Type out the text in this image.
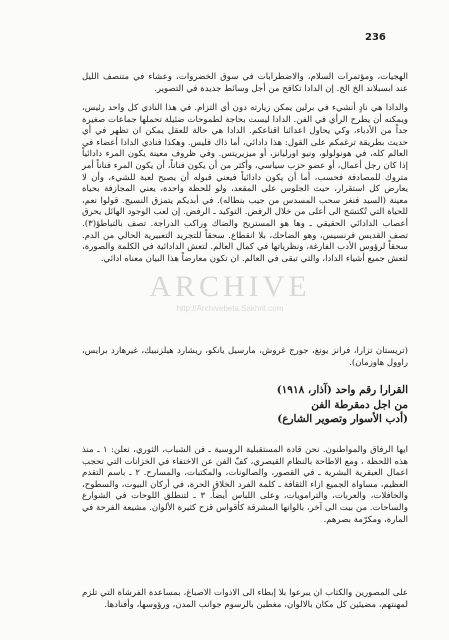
236

الهجيات، ومؤتمرات السلام، والاضطرابات في سوق الخضروات، وعشاء في متنصف الليل عند ابسبلاند الخ الخ. إن الدادا تكافح من أجل وسائط جديدة في التصوير.

والدادا هي نادٍ أنشيء في برلين يمكن زيارته دون أي التزام. في هذا النادي كل واحد رئيس، ويمكنه أن يطرح الرأي في الفن. الدادا ليست بحاجة لطموحات ضئيلة تحملها جماعات صغيرة جداً من الأدباء، وكي يحاول اعدائنا اقناعكم. الدادا هي حالة للعقل يمكن ان تظهر في أي حديث بطريقة ترغمكم على القول: هذا دادائي، أما ذاك فليس. وهكذا فنادي الدادا أعضاء في العالم كله، في هونولولو، ونيو اورليانز، أو ميزيريتس. وفي ظروف معينة يكون المرء دادائياً إذا كان رجل أعمال، أو عضو حزب سياسي، وأكثر من أن يكون فناناً، أن يكون المرء فناناً أمر متروك للمصادفة فحسب، أما أن يكون دادائياً فيعني قبوله أن يصبح لعبة للشيء، وأن لا يعارض كل استقرار، حيث الجلوس على المقعد، ولو للحظة واحدة، يعني المجازفة بحياة معينة (السيد فنغز سحب المسدس من جيب بنطاله). في أبديكم يتمزق النسيج. قولوا نعم، للحياة التي تُكتسَح الى أعلى من خلال الرفض. التوكيد ـ الرفض. إن لعب الوجود الهائل يحرق أعصاب الدادائي الحقيقي ـ وها هو المستريح والضاك وراكب الدراجة. تصف بالتباطؤ(٣). تصف القديس فرنسيس، وهو الضاحك، بلا انقطاع. سحقاً للتجريد التعبيرية الحالي من الدم. سحقاً لرؤوس الأدب الفارغة، ونظرياتها في كمال العالم. لتعش الدادائية في الكلمة والصورة، لتعش جميع أشياء الدادا، والتي تبقى في العالم. ان تكون معارضاً هذا البيان معناه ادائي.

ARCHIVE
http://Archivebeta.Sakhrit.com

(تريستان تزارا، فرانز يونغ، جورج غروش، مارسيل يانكو، ريشارد هيلزنبيك، غيرهارد برايس، راوول هاوزمان).

القرارا رقم واحد (آذار، ١٩١٨)
من اجل دمقرطة الفن
(أدب الأسوار وتصوير الشارع)

ايها الرفاق والمواطنون. نحن قادة المستقبلية الروسية ـ فن الشباب، الثوري، نعلن: ١ ـ منذ هذه اللحظة ، ومع الاطاحة بالنظام القيصري، كفّ الفن عن الاختفاء في الخزانات التي تحجب اعمال العبقرية البشرية ـ في القصور، والصالونات، والمكتبات، والمسارح. ٢ ـ باسم التقدم العظيم، مساواة الجميع ازاء الثقافة ـ كلمة الفرد الخلاق الحرة، في أركان البيوت، والسطوح، والحافلات، والعربات، والترامويات، وعلى اللباس أيضاً. ٣ ـ لتنطلق اللوحات في الشوارع والساحات. من بيت الى آخر، بالوانها المشرقة كأقواس قزح كثيرة الألوان. مشيعة الفرحة في المارة، ومكرّمة بصرهم.

على المصورين والكتاب ان يبرعوا بلا إبطاء الى الادوات الاصباغ، بمساعدة الفرشاة التي تلزم لمهنتهم، مضيئين كل مكان بالالوان، مغطين بالرسوم جوانب المدن، ورؤوسها، وأفنادها.
